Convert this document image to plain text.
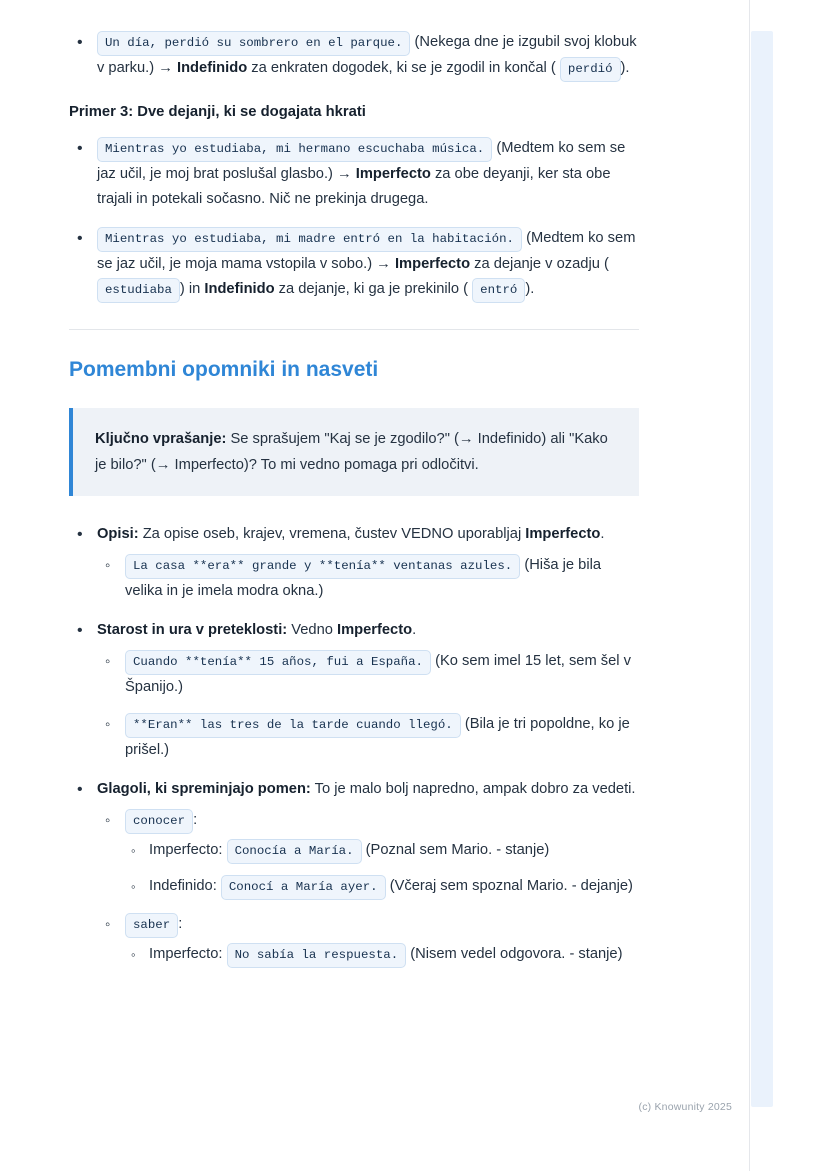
• Un día, perdió su sombrero en el parque. (Nekega dne je izgubil svoj klobuk v parku.) → Indefinido za enkraten dogodek, ki se je zgodil in končal ( perdió ).
Primer 3: Dve dejanji, ki se dogajata hkrati
• Mientras yo estudiaba, mi hermano escuchaba música. (Medtem ko sem se jaz učil, je moj brat poslušal glasbo.) → Imperfecto za obe deyanji, ker sta obe trajali in potekali sočasno. Nič ne prekinja drugega.
• Mientras yo estudiaba, mi madre entró en la habitación. (Medtem ko sem se jaz učil, je moja mama vstopila v sobo.) → Imperfecto za dejanje v ozadju ( estudiaba ) in Indefinido za dejanje, ki ga je prekinilo ( entró ).
Pomembni opomniki in nasveti
Ključno vprašanje: Se sprašujem "Kaj se je zgodilo?" (→ Indefinido) ali "Kako je bilo?" (→ Imperfecto)? To mi vedno pomaga pri odločitvi.
• Opisi: Za opise oseb, krajev, vremena, čustev VEDNO uporabljaj Imperfecto.
◦ La casa **era** grande y **tenía** ventanas azules. (Hiša je bila velika in je imela modra okna.)
• Starost in ura v preteklosti: Vedno Imperfecto.
◦ Cuando **tenía** 15 años, fui a España. (Ko sem imel 15 let, sem šel v Španijo.)
◦ **Eran** las tres de la tarde cuando llegó. (Bila je tri popoldne, ko je prišel.)
• Glagoli, ki spreminjajo pomen: To je malo bolj napredno, ampak dobro za vedeti.
◦ conocer :
◦ Imperfecto: Conocía a María. (Poznal sem Mario. - stanje)
◦ Indefinido: Conocí a María ayer. (Včeraj sem spoznal Mario. - dejanje)
◦ saber :
◦ Imperfecto: No sabía la respuesta. (Nisem vedel odgovora. - stanje)
(c) Knowunity 2025
